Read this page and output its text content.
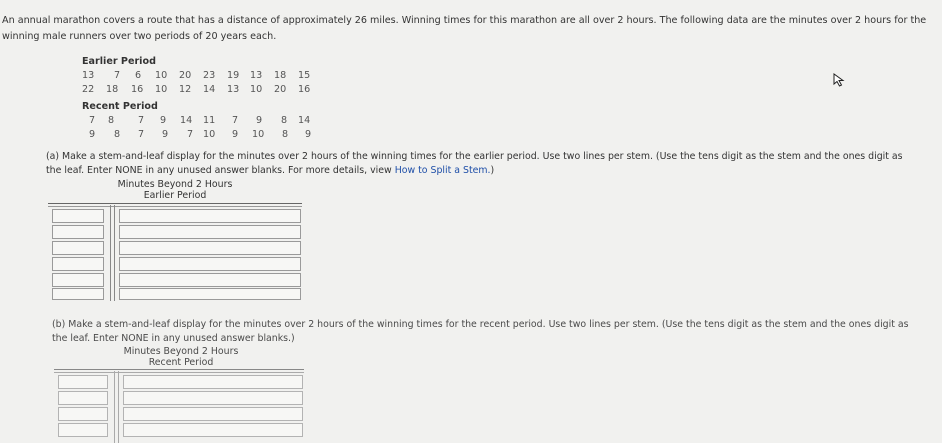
An annual marathon covers a route that has a distance of approximately 26 miles. Winning times for this marathon are all over 2 hours. The following data are the minutes over 2 hours for the winning male runners over two periods of 20 years each.
Earlier Period
13 7 6 10 20 23 19 13 18 15
22 18 16 10 12 14 13 10 20 16
Recent Period
7 8 7 9 14 11 7 9 8 14
9 8 7 9 7 10 9 10 8 9
(a) Make a stem-and-leaf display for the minutes over 2 hours of the winning times for the earlier period. Use two lines per stem. (Use the tens digit as the stem and the ones digit as the leaf. Enter NONE in any unused answer blanks. For more details, view How to Split a Stem.)
Minutes Beyond 2 Hours
Earlier Period
(b) Make a stem-and-leaf display for the minutes over 2 hours of the winning times for the recent period. Use two lines per stem. (Use the tens digit as the stem and the ones digit as the leaf. Enter NONE in any unused answer blanks.)
Minutes Beyond 2 Hours
Recent Period
